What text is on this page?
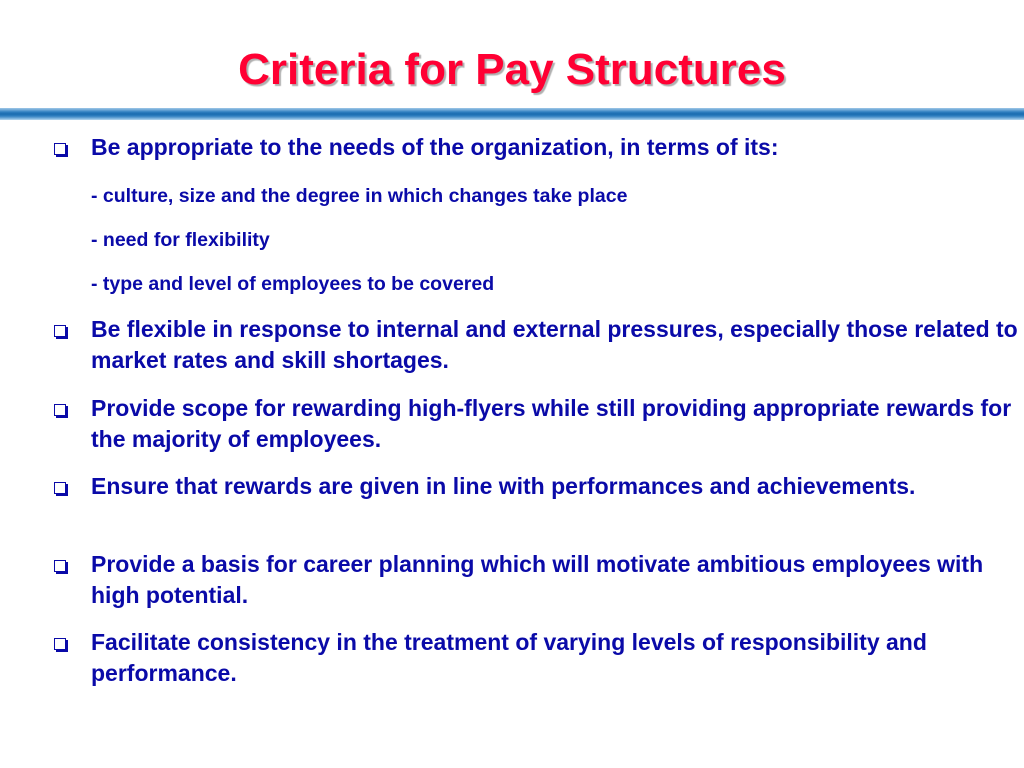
Criteria for Pay Structures
Be appropriate to the needs of the organization, in terms of its:
- culture, size and the degree in which changes take place
- need for flexibility
- type and level of employees to be covered
Be flexible in response to internal and external pressures, especially those related to market rates and skill shortages.
Provide scope for rewarding high-flyers while still providing appropriate rewards for the majority of employees.
Ensure that rewards are given in line with performances and achievements.
Provide a basis for career planning which will motivate ambitious employees with high potential.
Facilitate consistency in the treatment of varying levels of responsibility and performance.
